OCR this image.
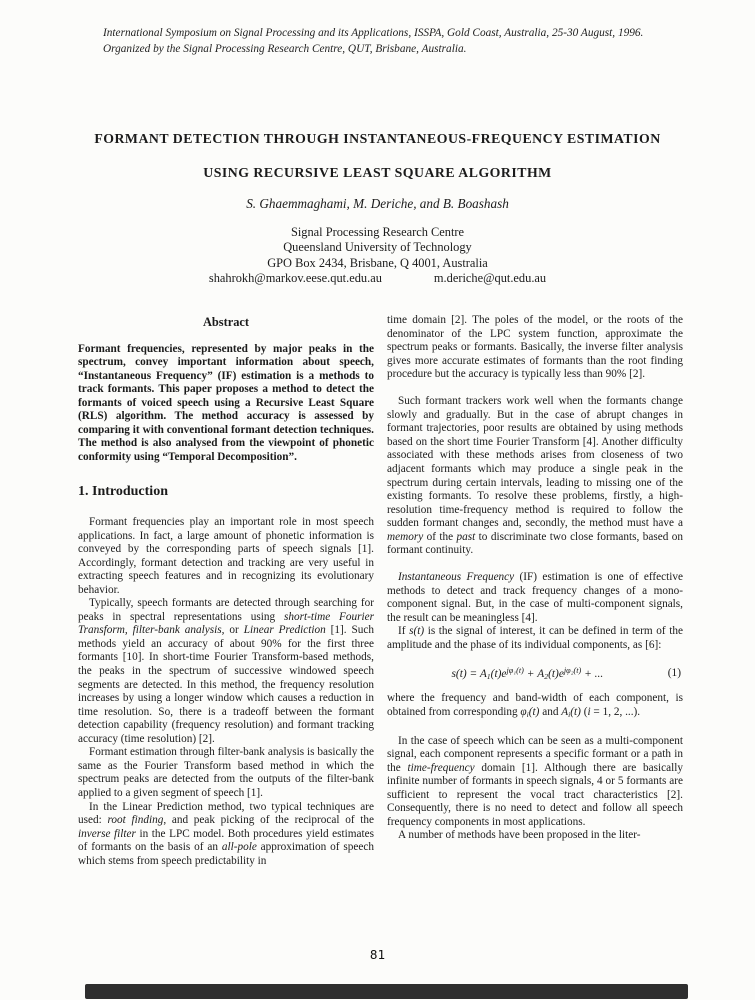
International Symposium on Signal Processing and its Applications, ISSPA, Gold Coast, Australia, 25-30 August, 1996.
Organized by the Signal Processing Research Centre, QUT, Brisbane, Australia.
FORMANT DETECTION THROUGH INSTANTANEOUS-FREQUENCY ESTIMATION
USING RECURSIVE LEAST SQUARE ALGORITHM
S. Ghaemmaghami, M. Deriche, and B. Boashash
Signal Processing Research Centre
Queensland University of Technology
GPO Box 2434, Brisbane, Q 4001, Australia
shahrokh@markov.eese.qut.edu.au	m.deriche@qut.edu.au
Abstract

Formant frequencies, represented by major peaks in the spectrum, convey important information about speech, “Instantaneous Frequency” (IF) estimation is a methods to track formants. This paper proposes a method to detect the formants of voiced speech using a Recursive Least Square (RLS) algorithm. The method accuracy is assessed by comparing it with conventional formant detection techniques. The method is also analysed from the viewpoint of phonetic conformity using “Temporal Decomposition”.

1. Introduction

Formant frequencies play an important role in most speech applications. In fact, a large amount of phonetic information is conveyed by the corresponding parts of speech signals [1]. Accordingly, formant detection and tracking are very useful in extracting speech features and in recognizing its evolutionary behavior.

Typically, speech formants are detected through searching for peaks in spectral representations using short-time Fourier Transform, filter-bank analysis, or Linear Prediction [1]. Such methods yield an accuracy of about 90% for the first three formants [10]. In short-time Fourier Transform-based methods, the peaks in the spectrum of successive windowed speech segments are detected. In this method, the frequency resolution increases by using a longer window which causes a reduction in time resolution. So, there is a tradeoff between the formant detection capability (frequency resolution) and formant tracking accuracy (time resolution) [2].

Formant estimation through filter-bank analysis is basically the same as the Fourier Transform based method in which the spectrum peaks are detected from the outputs of the filter-bank applied to a given segment of speech [1].

In the Linear Prediction method, two typical techniques are used: root finding, and peak picking of the reciprocal of the inverse filter in the LPC model. Both procedures yield estimates of formants on the basis of an all-pole approximation of speech which stems from speech predictability in

time domain [2]. The poles of the model, or the roots of the denominator of the LPC system function, approximate the spectrum peaks or formants. Basically, the inverse filter analysis gives more accurate estimates of formants than the root finding procedure but the accuracy is typically less than 90% [2].

Such formant trackers work well when the formants change slowly and gradually. But in the case of abrupt changes in formant trajectories, poor results are obtained by using methods based on the short time Fourier Transform [4]. Another difficulty associated with these methods arises from closeness of two adjacent formants which may produce a single peak in the spectrum during certain intervals, leading to missing one of the existing formants. To resolve these problems, firstly, a high-resolution time-frequency method is required to follow the sudden formant changes and, secondly, the method must have a memory of the past to discriminate two close formants, based on formant continuity.

Instantaneous Frequency (IF) estimation is one of effective methods to detect and track frequency changes of a mono-component signal. But, in the case of multi-component signals, the result can be meaningless [4].

If s(t) is the signal of interest, it can be defined in term of the amplitude and the phase of its individual components, as [6]:

$s(t) = A1(t)e^{j\varphi_1(t)} + A2(t)e^{j\varphi_2(t)}$ + ...	(1)

where the frequency and band-width of each component, is obtained from corresponding φi(t) and Ai(t) (i = 1, 2, ...).

In the case of speech which can be seen as a multi-component signal, each component represents a specific formant or a path in the time-frequency domain [1]. Although there are basically infinite number of formants in speech signals, 4 or 5 formants are sufficient to represent the vocal tract characteristics [2]. Consequently, there is no need to detect and follow all speech frequency components in most applications.

A number of methods have been proposed in the liter-

81
